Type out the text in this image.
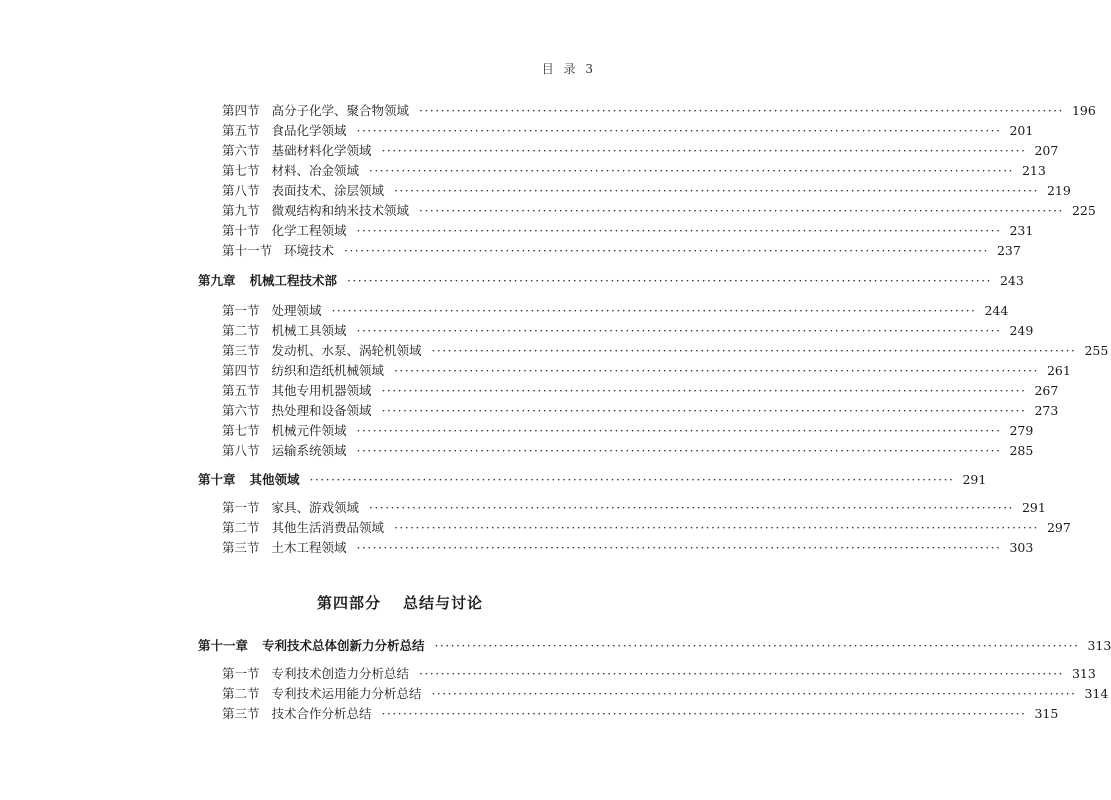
目 录 3
第四节 高分子化学、聚合物领域 ························································································································ 196
第五节 食品化学领域 ························································································································ 201
第六节 基础材料化学领域 ························································································································ 207
第七节 材料、冶金领域 ························································································································ 213
第八节 表面技术、涂层领域 ························································································································ 219
第九节 微观结构和纳米技术领域 ························································································································ 225
第十节 化学工程领域 ························································································································ 231
第十一节 环境技术 ························································································································ 237
第九章 机械工程技术部 ························································································································ 243
第一节 处理领域 ························································································································ 244
第二节 机械工具领域 ························································································································ 249
第三节 发动机、水泵、涡轮机领域 ························································································································ 255
第四节 纺织和造纸机械领域 ························································································································ 261
第五节 其他专用机器领域 ························································································································ 267
第六节 热处理和设备领域 ························································································································ 273
第七节 机械元件领域 ························································································································ 279
第八节 运输系统领域 ························································································································ 285
第十章 其他领域 ························································································································ 291
第一节 家具、游戏领域 ························································································································ 291
第二节 其他生活消费品领域 ························································································································ 297
第三节 土木工程领域 ························································································································ 303
第四部分 总结与讨论
第十一章 专利技术总体创新力分析总结 ························································································································ 313
第一节 专利技术创造力分析总结 ························································································································ 313
第二节 专利技术运用能力分析总结 ························································································································ 314
第三节 技术合作分析总结 ························································································································ 315
